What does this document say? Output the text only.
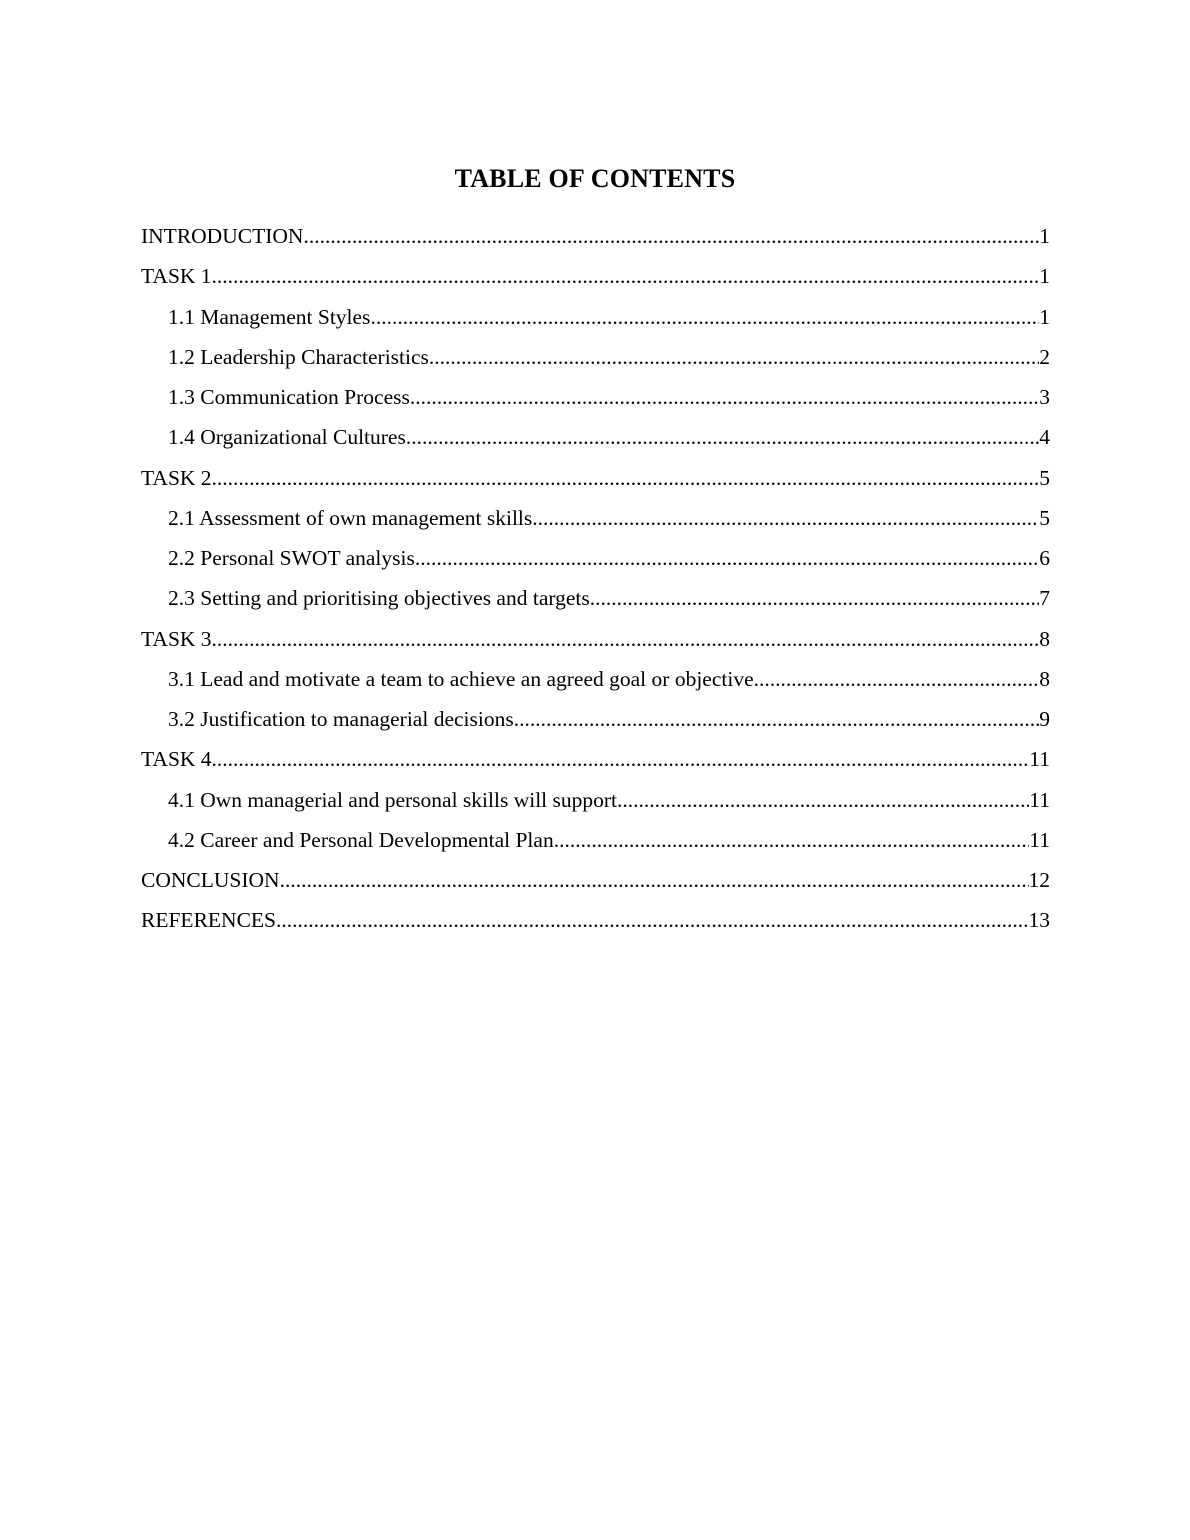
TABLE OF CONTENTS
INTRODUCTION .....	1
TASK 1 .....	1
1.1 Management Styles .....	1
1.2 Leadership Characteristics .....	2
1.3 Communication Process .....	3
1.4 Organizational Cultures .....	4
TASK 2 .....	5
2.1 Assessment of own management skills .....	5
2.2 Personal SWOT analysis .....	6
2.3 Setting and prioritising objectives and targets .....	7
TASK 3 .....	8
3.1 Lead and motivate a team to achieve an agreed goal or objective .....	8
3.2 Justification to managerial decisions .....	9
TASK 4 .....	11
4.1 Own managerial and personal skills will support .....	11
4.2 Career and Personal Developmental Plan .....	11
CONCLUSION .....	12
REFERENCES .....	13
